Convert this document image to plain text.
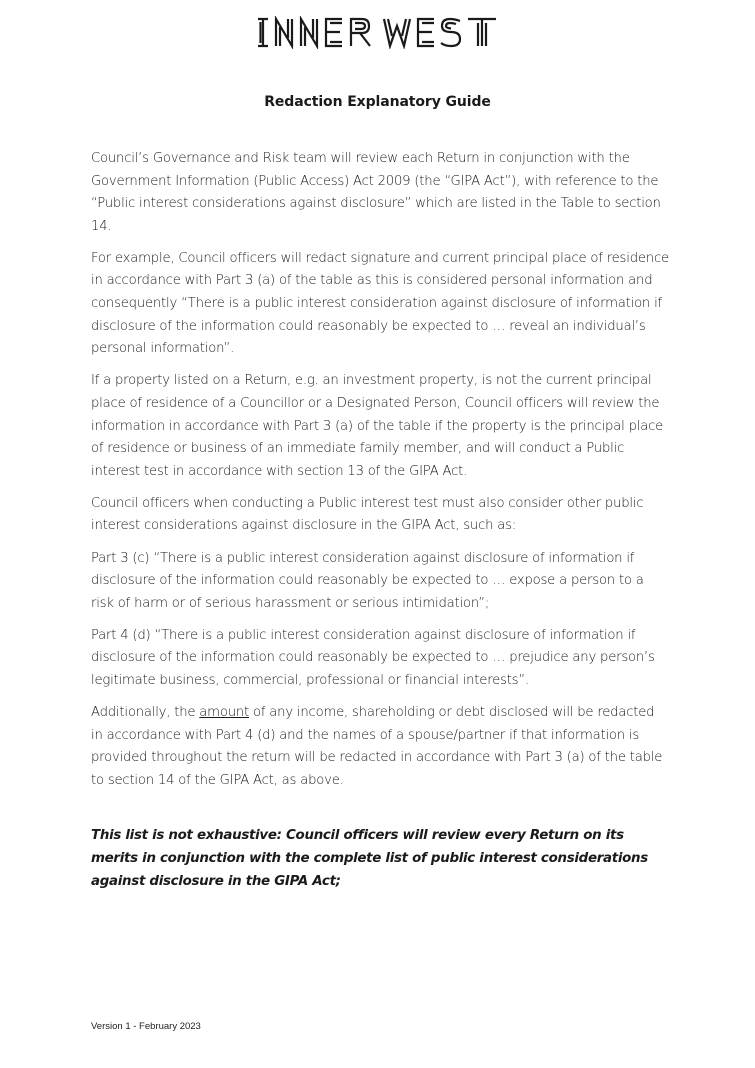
Redaction Explanatory Guide

Council’s Governance and Risk team will review each Return in conjunction with the Government Information (Public Access) Act 2009 (the “GIPA Act”), with reference to the “Public interest considerations against disclosure” which are listed in the Table to section 14.

For example, Council officers will redact signature and current principal place of residence in accordance with Part 3 (a) of the table as this is considered personal information and consequently “There is a public interest consideration against disclosure of information if disclosure of the information could reasonably be expected to … reveal an individual’s personal information”.

If a property listed on a Return, e.g. an investment property, is not the current principal place of residence of a Councillor or a Designated Person, Council officers will review the information in accordance with Part 3 (a) of the table if the property is the principal place of residence or business of an immediate family member, and will conduct a Public interest test in accordance with section 13 of the GIPA Act.

Council officers when conducting a Public interest test must also consider other public interest considerations against disclosure in the GIPA Act, such as:

Part 3 (c) “There is a public interest consideration against disclosure of information if disclosure of the information could reasonably be expected to … expose a person to a risk of harm or of serious harassment or serious intimidation”;

Part 4 (d) “There is a public interest consideration against disclosure of information if disclosure of the information could reasonably be expected to … prejudice any person’s legitimate business, commercial, professional or financial interests”.

Additionally, the amount of any income, shareholding or debt disclosed will be redacted in accordance with Part 4 (d) and the names of a spouse/partner if that information is provided throughout the return will be redacted in accordance with Part 3 (a) of the table to section 14 of the GIPA Act, as above.

This list is not exhaustive: Council officers will review every Return on its merits in conjunction with the complete list of public interest considerations against disclosure in the GIPA Act;

Version 1 - February 2023
